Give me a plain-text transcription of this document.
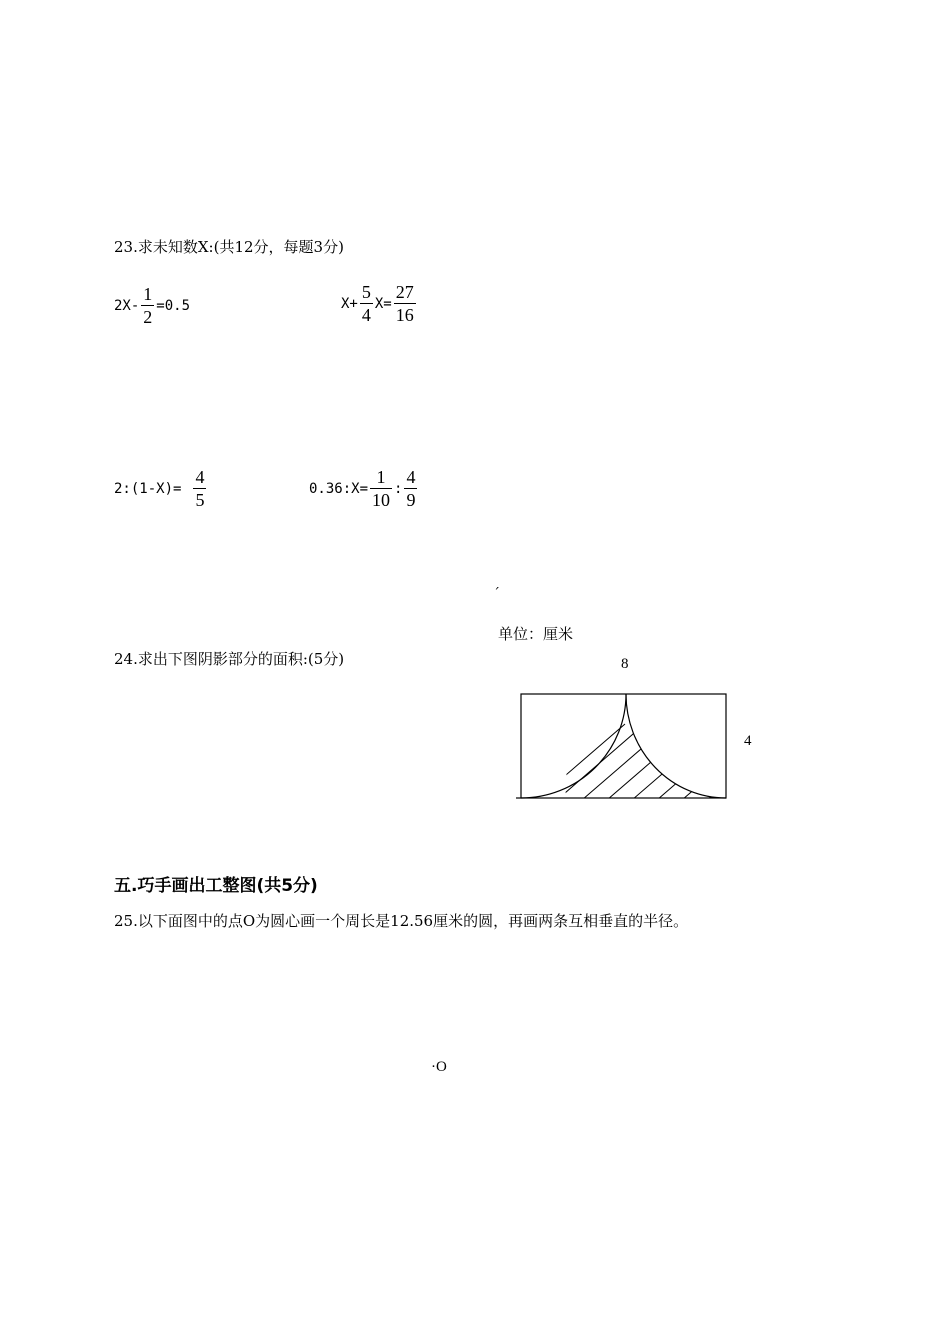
23.求未知数X:(共12分，每题3分)
$2X- \frac{1}{2} =0.5$	$X+ \frac{5}{4} X= \frac{27}{16}$
2:(1-X)= $\frac{4}{5}$	0.36:X= $\frac{1}{10}$ : $\frac{4}{9}$
ˊ
单位：厘米
24.求出下图阴影部分的面积:(5分)	8
4
五.巧手画出工整图(共5分)
25.以下面图中的点O为圆心画一个周长是12.56厘米的圆，再画两条互相垂直的半径。
·O
